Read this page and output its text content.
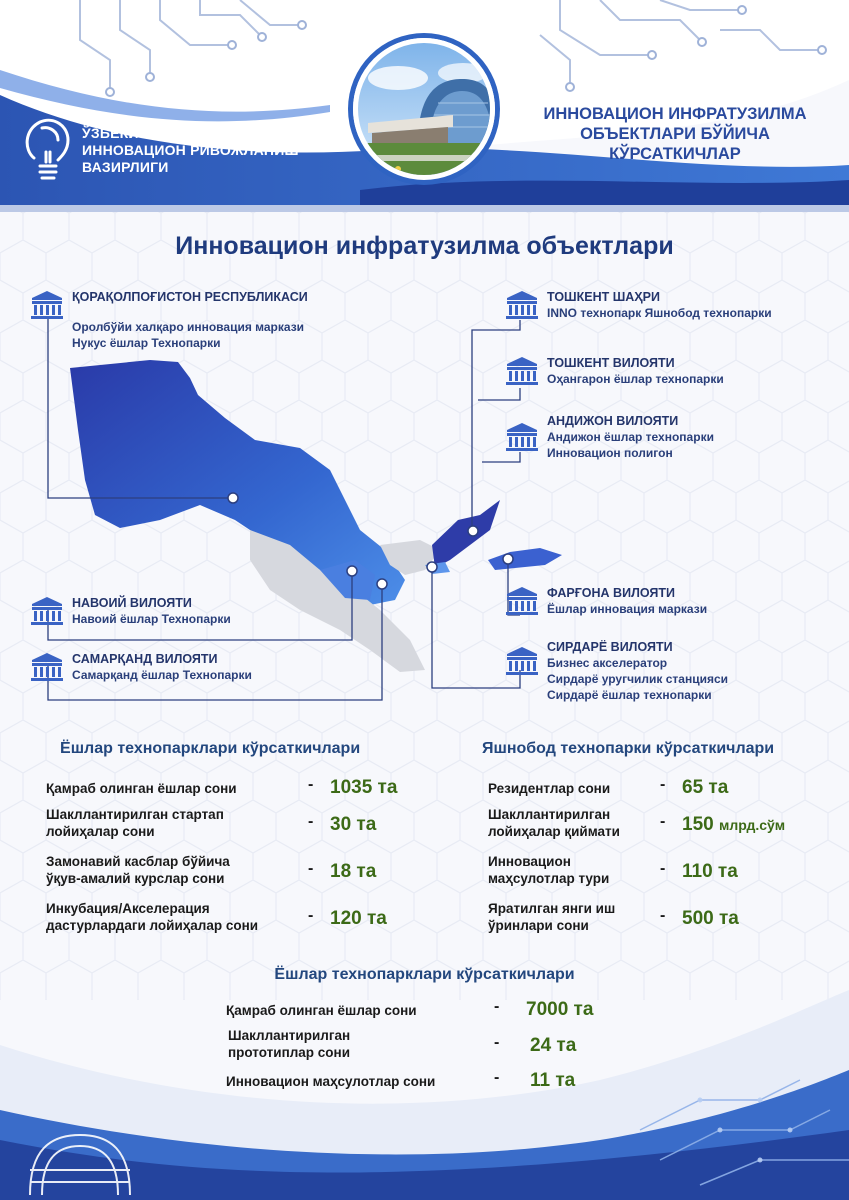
ЎЗБЕКИСТОН РЕСПУБЛИКАСИ
ИННОВАЦИОН РИВОЖЛАНИШ
ВАЗИРЛИГИ
ИННОВАЦИОН ИНФРАТУЗИЛМА
ОБЪЕКТЛАРИ БЎЙИЧА
КЎРСАТКИЧЛАР
Инновацион инфратузилма объектлари
ҚОРАҚОЛПОҒИСТОН РЕСПУБЛИКАСИ
Оролбўйи халқаро инновация маркази
Нукус ёшлар Технопарки
ТОШКЕНТ ШАҲРИ
INNO технопарк Яшнобод технопарки
ТОШКЕНТ ВИЛОЯТИ
Оҳангарон ёшлар технопарки
АНДИЖОН ВИЛОЯТИ
Андижон ёшлар технопарки
Инновацион полигон
НАВОИЙ ВИЛОЯТИ
Навоий ёшлар Технопарки
ФАРҒОНА ВИЛОЯТИ
Ёшлар инновация маркази
САМАРҚАНД ВИЛОЯТИ
Самарқанд ёшлар Технопарки
СИРДАРЁ ВИЛОЯТИ
Бизнес акселератор
Сирдарё уругчилик станцияси
Сирдарё ёшлар технопарки
Ёшлар технопарклари кўрсаткичлари
Қамраб олинган ёшлар сони	- 1035 та
Шакллантирилган стартап
лойиҳалар сони
- 30 та
Замонавий касблар бўйича
ўқув-амалий курслар сони
- 18 та
Инкубация/Акселерация
дастурлардаги лойиҳалар сони
- 120 та
Яшнобод технопарки кўрсаткичлари
Резидентлар сони	- 65 та
Шакллантирилган
лойиҳалар қиймати
- 150 млрд.сўм
Инновацион
маҳсулотлар тури
- 110 та
Яратилган янги иш
ўринлари сони
- 500 та
Ёшлар технопарклари кўрсаткичлари
Қамраб олинган ёшлар сони	- 7000 та
Шакллантирилган
прототиплар сони
- 24 та
Инновацион маҳсулотлар сони	- 11 та
